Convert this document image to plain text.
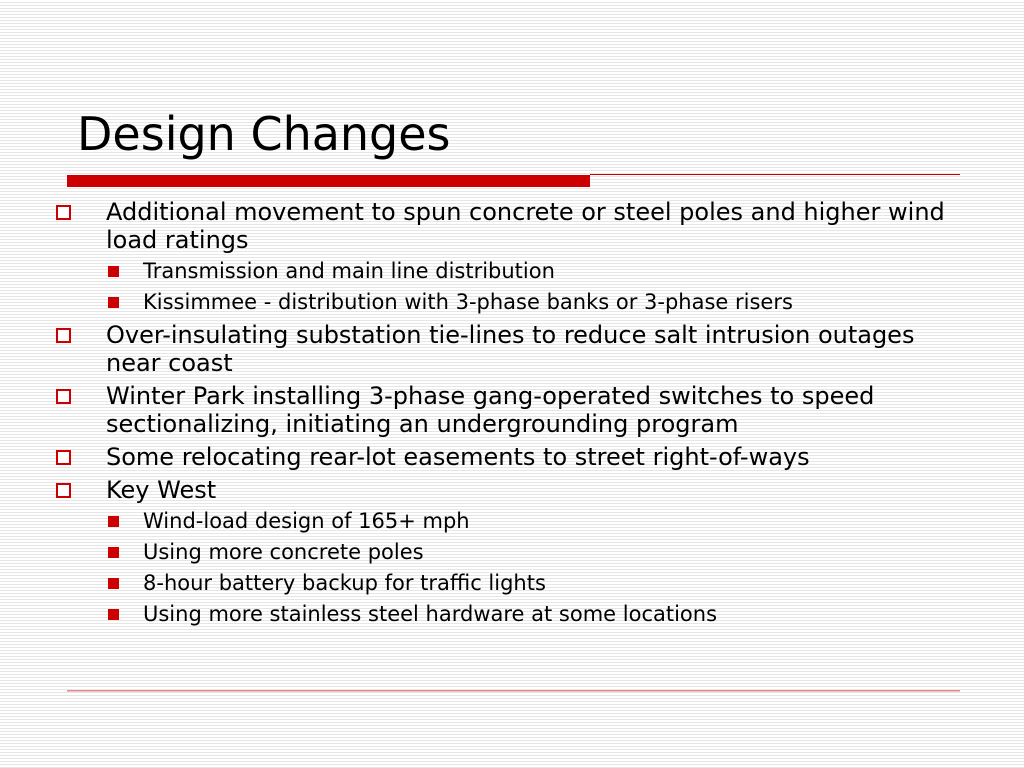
Design Changes
Additional movement to spun concrete or steel poles and higher wind load ratings
Transmission and main line distribution
Kissimmee - distribution with 3-phase banks or 3-phase risers
Over-insulating substation tie-lines to reduce salt intrusion outages near coast
Winter Park installing 3-phase gang-operated switches to speed sectionalizing, initiating an undergrounding program
Some relocating rear-lot easements to street right-of-ways
Key West
Wind-load design of 165+ mph
Using more concrete poles
8-hour battery backup for traffic lights
Using more stainless steel hardware at some locations
